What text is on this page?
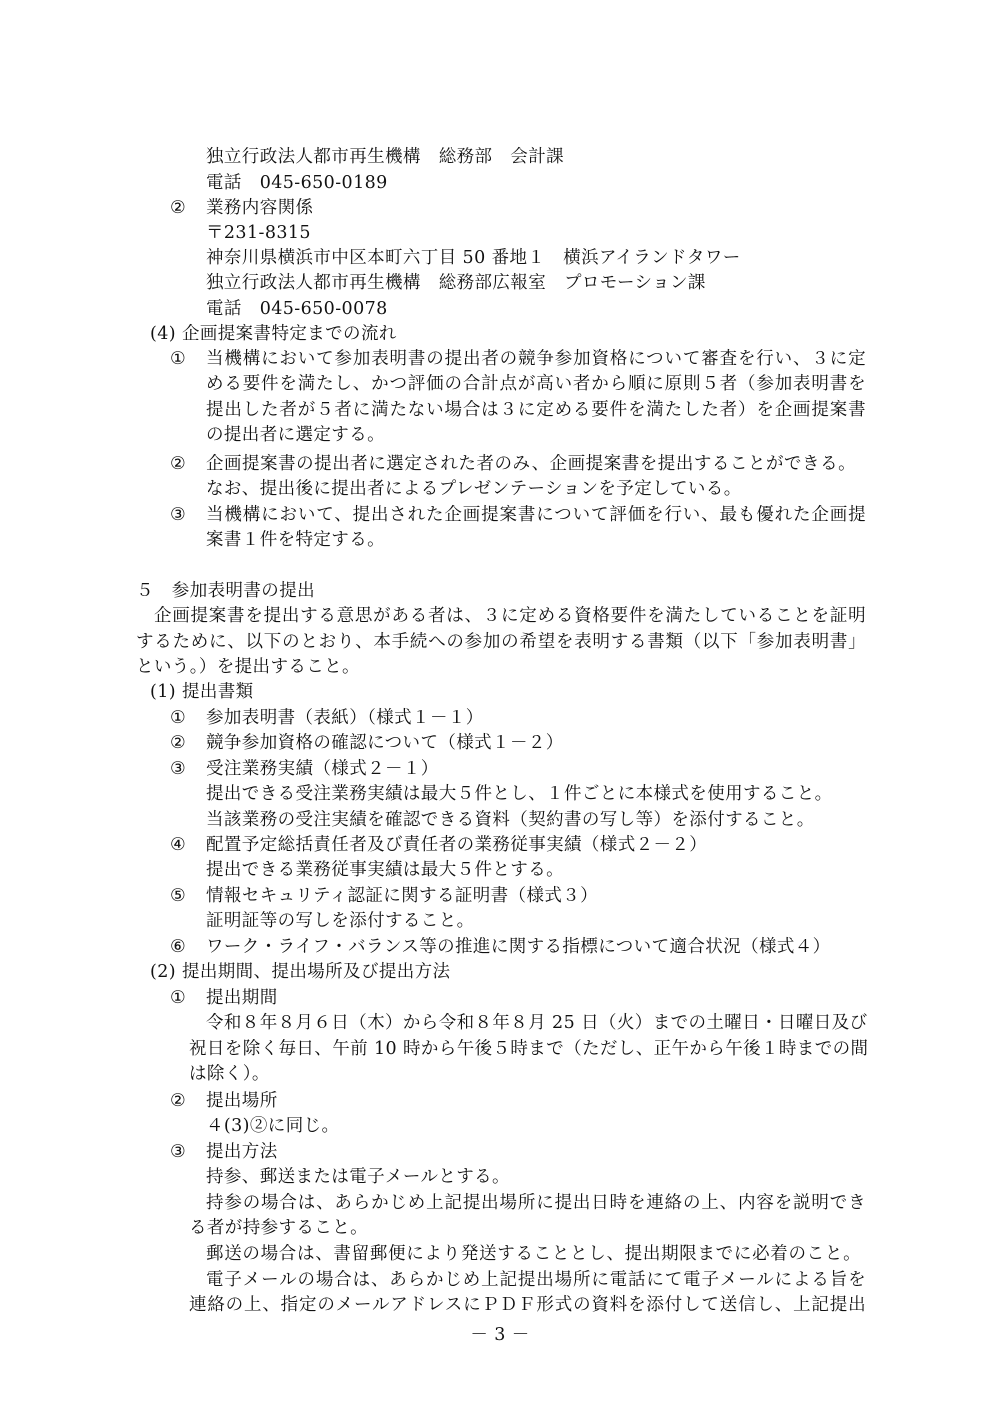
独立行政法人都市再生機構　総務部　会計課
電話　045-650-0189
② 業務内容関係
〒231-8315
神奈川県横浜市中区本町六丁目 50 番地１　横浜アイランドタワー
独立行政法人都市再生機構　総務部広報室　プロモーション課
電話　045-650-0078
(4) 企画提案書特定までの流れ
① 当機構において参加表明書の提出者の競争参加資格について審査を行い、３に定
める要件を満たし、かつ評価の合計点が高い者から順に原則５者（参加表明書を
提出した者が５者に満たない場合は３に定める要件を満たした者）を企画提案書
の提出者に選定する。
② 企画提案書の提出者に選定された者のみ、企画提案書を提出することができる。
なお、提出後に提出者によるプレゼンテーションを予定している。
③ 当機構において、提出された企画提案書について評価を行い、最も優れた企画提
案書１件を特定する。
５　参加表明書の提出
企画提案書を提出する意思がある者は、３に定める資格要件を満たしていることを証明
するために、以下のとおり、本手続への参加の希望を表明する書類（以下「参加表明書」
という。）を提出すること。
(1) 提出書類
① 参加表明書（表紙）（様式１－１）
② 競争参加資格の確認について（様式１－２）
③ 受注業務実績（様式２－１）
提出できる受注業務実績は最大５件とし、１件ごとに本様式を使用すること。
当該業務の受注実績を確認できる資料（契約書の写し等）を添付すること。
④ 配置予定総括責任者及び責任者の業務従事実績（様式２－２）
提出できる業務従事実績は最大５件とする。
⑤ 情報セキュリティ認証に関する証明書（様式３）
証明証等の写しを添付すること。
⑥ ワーク・ライフ・バランス等の推進に関する指標について適合状況（様式４）
(2) 提出期間、提出場所及び提出方法
① 提出期間
令和８年８月６日（木）から令和８年８月 25 日（火）までの土曜日・日曜日及び
祝日を除く毎日、午前 10 時から午後５時まで（ただし、正午から午後１時までの間
は除く）。
② 提出場所
４(3)②に同じ。
③ 提出方法
持参、郵送または電子メールとする。
持参の場合は、あらかじめ上記提出場所に提出日時を連絡の上、内容を説明でき
る者が持参すること。
郵送の場合は、書留郵便により発送することとし、提出期限までに必着のこと。
電子メールの場合は、あらかじめ上記提出場所に電話にて電子メールによる旨を
連絡の上、指定のメールアドレスにＰＤＦ形式の資料を添付して送信し、上記提出
－ 3 －
